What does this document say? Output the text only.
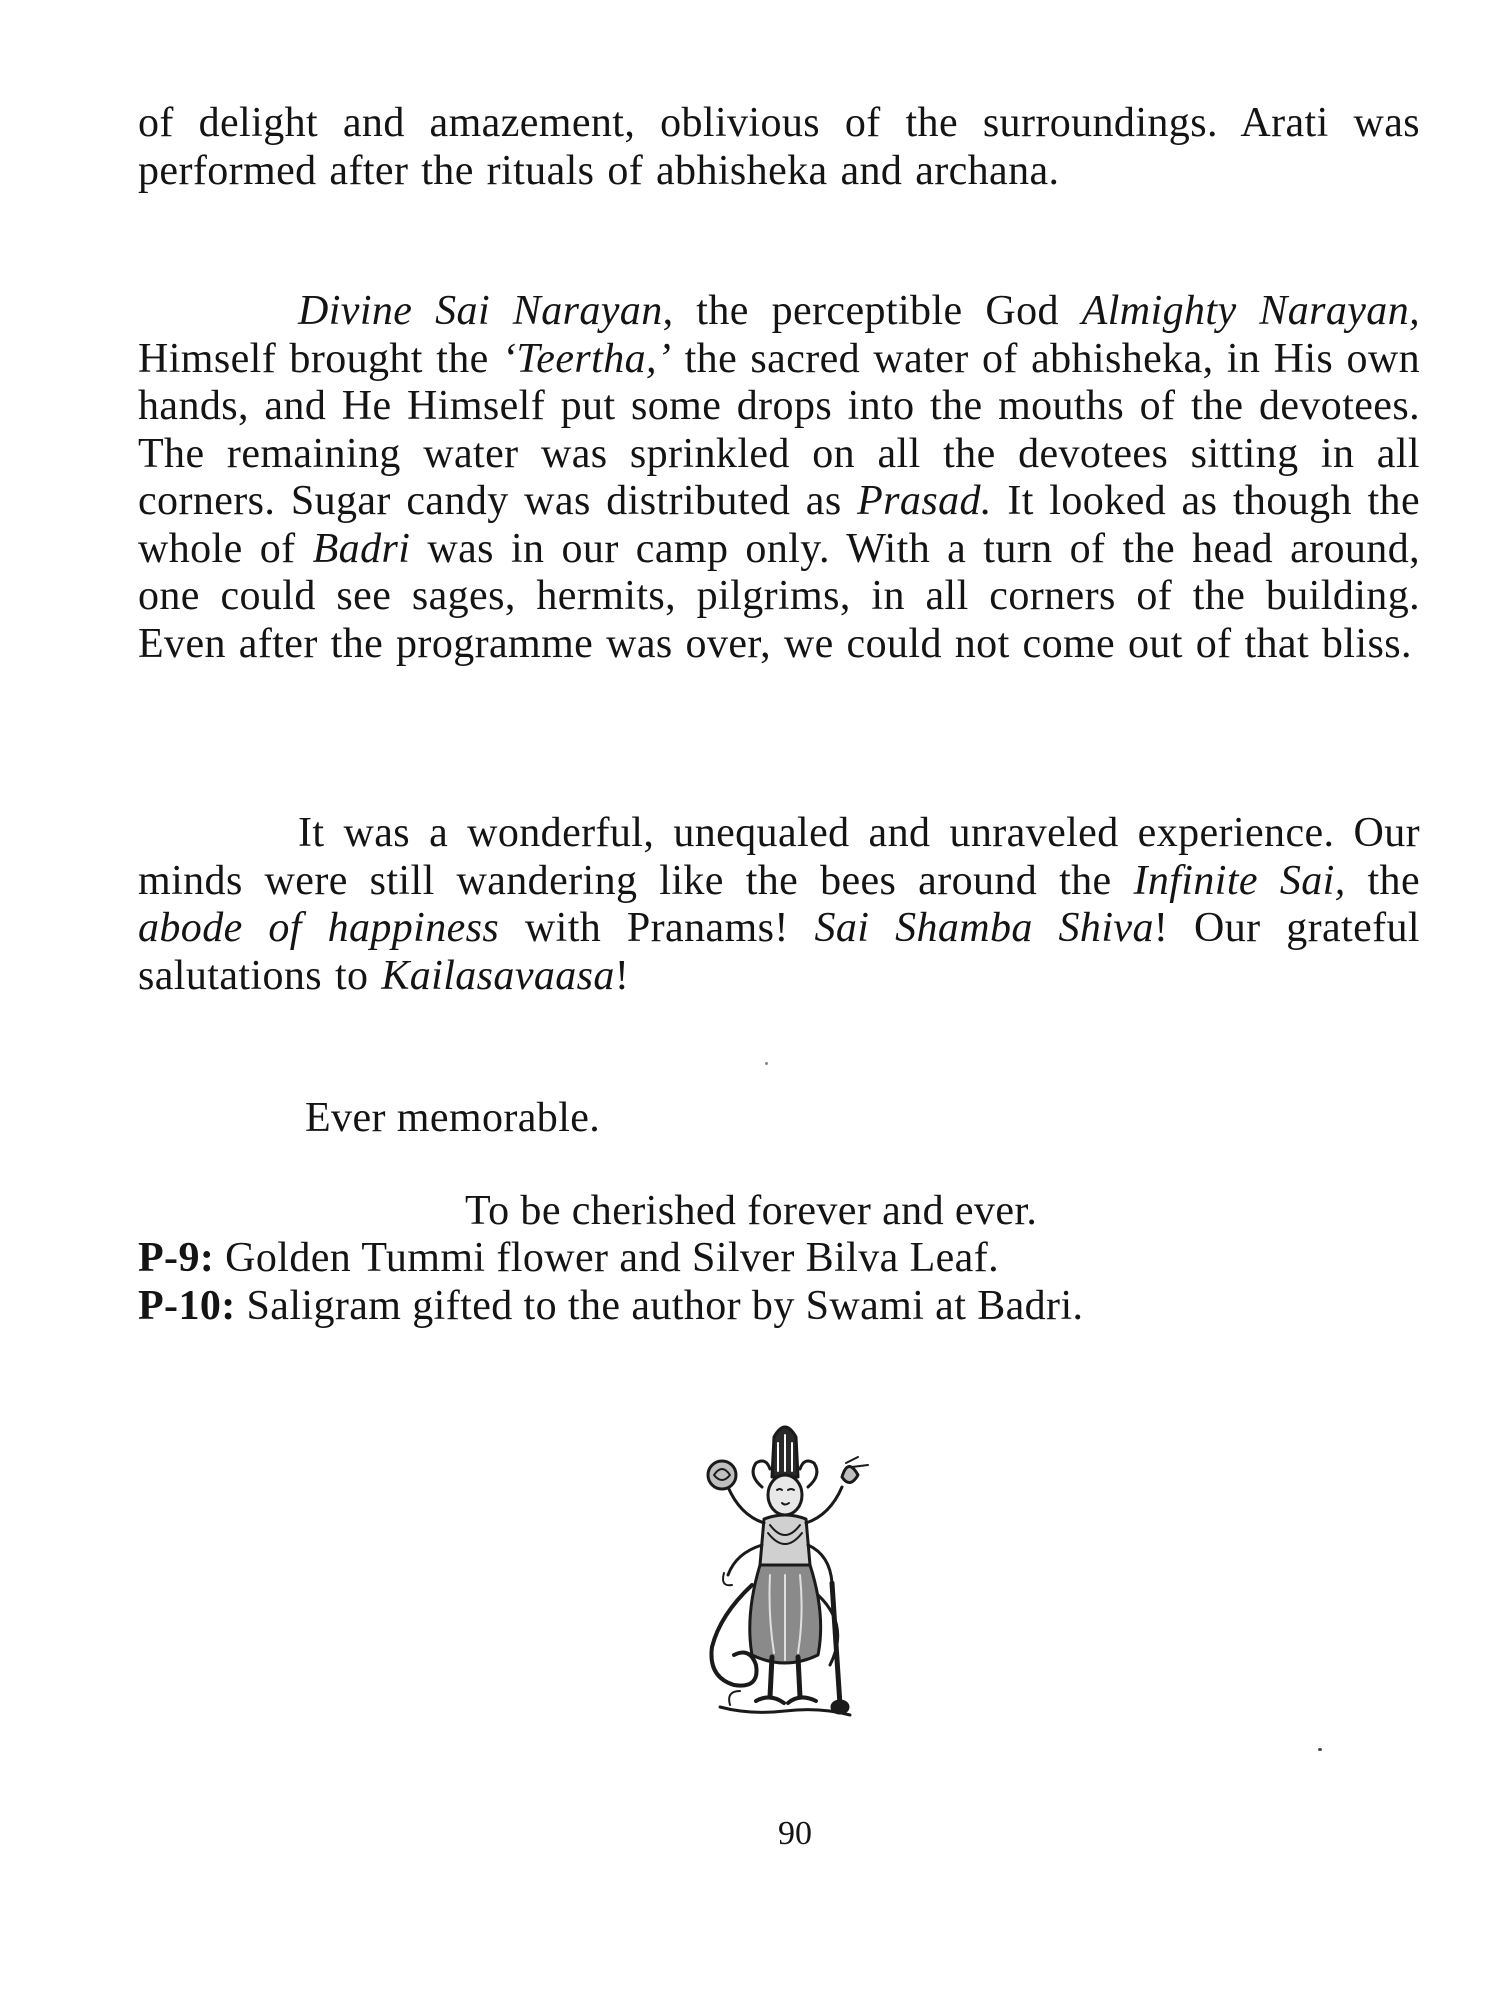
of delight and amazement, oblivious of the surroundings. Arati was performed after the rituals of abhisheka and archana.

Divine Sai Narayan, the perceptible God Almighty Narayan, Himself brought the ‘Teertha,’ the sacred water of abhisheka, in His own hands, and He Himself put some drops into the mouths of the devotees. The remaining water was sprinkled on all the devotees sitting in all corners. Sugar candy was distributed as Prasad. It looked as though the whole of Badri was in our camp only. With a turn of the head around, one could see sages, hermits, pilgrims, in all corners of the building. Even after the programme was over, we could not come out of that bliss.

It was a wonderful, unequaled and unraveled experience. Our minds were still wandering like the bees around the Infinite Sai, the abode of happiness with Pranams! Sai Shamba Shiva! Our grateful salutations to Kailasavaasa!

Ever memorable.

To be cherished forever and ever.

P-9: Golden Tummi flower and Silver Bilva Leaf.

P-10: Saligram gifted to the author by Swami at Badri.

90
